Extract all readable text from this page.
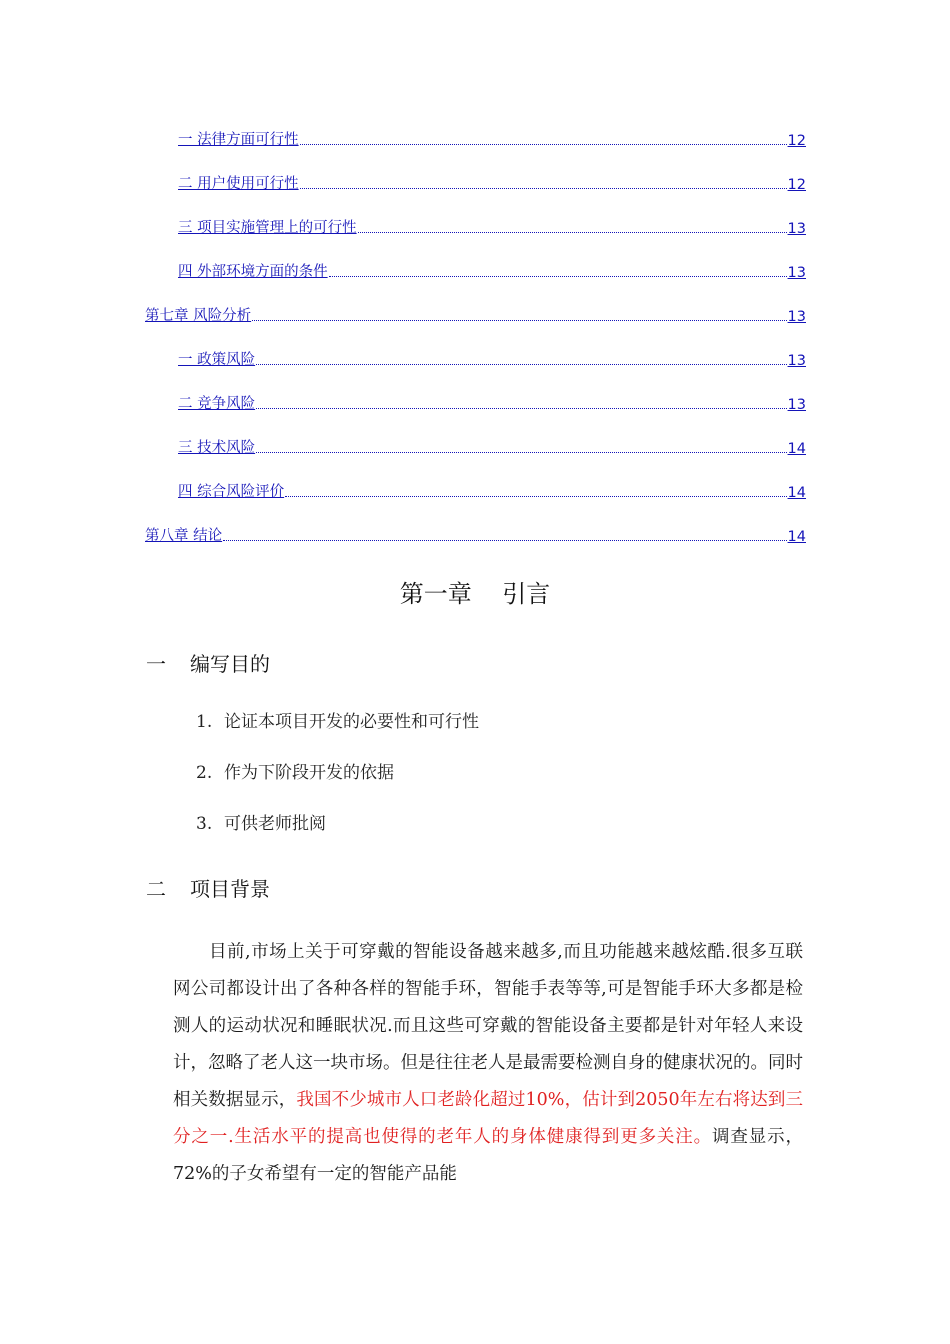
一 法律方面可行性	12
二 用户使用可行性	12
三 项目实施管理上的可行性	13
四 外部环境方面的条件	13
第七章 风险分析	13
一 政策风险	13
二 竞争风险	13
三 技术风险	14
四 综合风险评价	14
第八章 结论	14
第一章    引言
一	编写目的
1. 论证本项目开发的必要性和可行性
2. 作为下阶段开发的依据
3. 可供老师批阅
二	项目背景
目前,市场上关于可穿戴的智能设备越来越多,而且功能越来越炫酷.很多互联网公司都设计出了各种各样的智能手环，智能手表等等,可是智能手环大多都是检测人的运动状况和睡眠状况.而且这些可穿戴的智能设备主要都是针对年轻人来设计，忽略了老人这一块市场。但是往往老人是最需要检测自身的健康状况的。同时相关数据显示，我国不少城市人口老龄化超过10%，估计到2050年左右将达到三分之一.生活水平的提高也使得的老年人的身体健康得到更多关注。调查显示，72%的子女希望有一定的智能产品能
